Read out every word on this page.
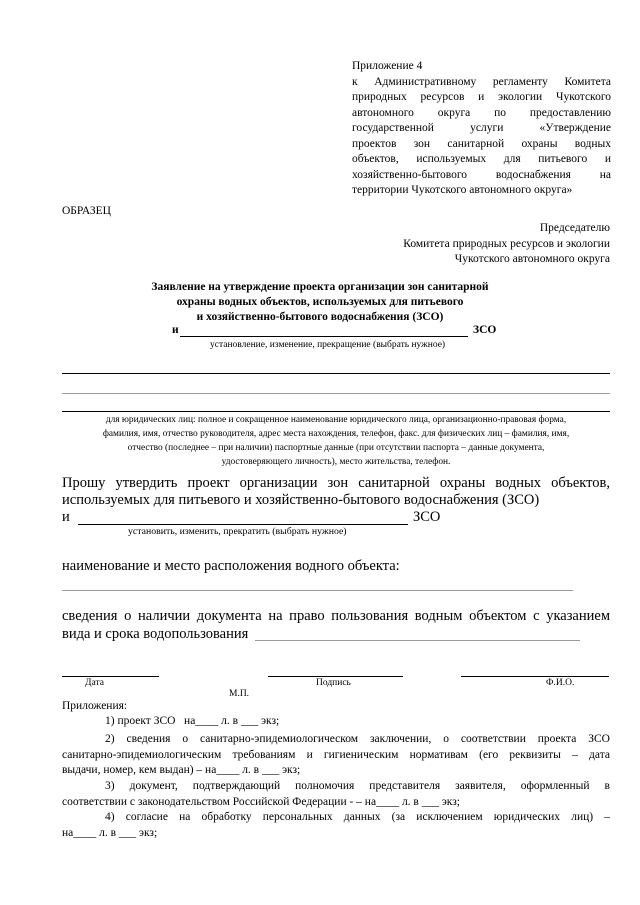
Приложение 4
к Административному регламенту Комитета
природных ресурсов и экологии Чукотского
автономного округа по предоставлению
государственной услуги «Утверждение
проектов зон санитарной охраны водных
объектов, используемых для питьевого и
хозяйственно-бытового водоснабжения на
территории Чукотского автономного округа»
ОБРАЗЕЦ
Председателю
Комитета природных ресурсов и экологии
Чукотского автономного округа
Заявление на утверждение проекта организации зон санитарной
охраны водных объектов, используемых для питьевого
и хозяйственно-бытового водоснабжения (ЗСО)
и	ЗСО
установление, изменение, прекращение (выбрать нужное)
для юридических лиц: полное и сокращенное наименование юридического лица, организационно-правовая форма,
фамилия, имя, отчество руководителя, адрес места нахождения, телефон, факс. для физических лиц – фамилия, имя,
отчество (последнее – при наличии) паспортные данные (при отсутствии паспорта – данные документа,
удостоверяющего личность), место жительства, телефон.
Прошу утвердить проект организации зон санитарной охраны водных объектов,
используемых для питьевого и хозяйственно-бытового водоснабжения (ЗСО)
и	ЗСО
установить, изменить, прекратить (выбрать нужное)
наименование и место расположения водного объекта:
сведения о наличии документа на право пользования водным объектом с указанием
вида и срока водопользования
Дата	Подпись	Ф.И.О.
М.П.
Приложения:
1) проект ЗСО   на____ л. в ___ экз;
2) сведения о санитарно-эпидемиологическом заключении, о соответствии проекта ЗСО
санитарно-эпидемиологическим требованиям и гигиеническим нормативам (его реквизиты – дата
выдачи, номер, кем выдан) – на____ л. в ___ экз;
3) документ, подтверждающий полномочия представителя заявителя, оформленный в
соответствии с законодательством Российской Федерации - – на____ л. в ___ экз;
4) согласие на обработку персональных данных (за исключением юридических лиц) –
на____ л. в ___ экз;
